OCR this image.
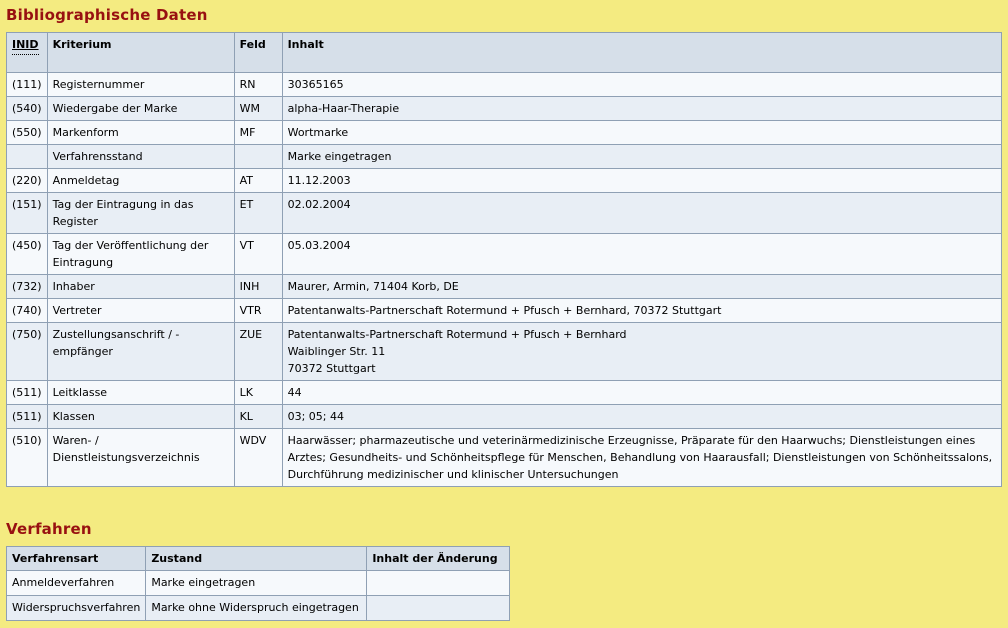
Bibliographische Daten
INID	Kriterium	Feld	Inhalt
(111)	Registernummer	RN	30365165
(540)	Wiedergabe der Marke	WM	alpha-Haar-Therapie
(550)	Markenform	MF	Wortmarke
	Verfahrensstand		Marke eingetragen
(220)	Anmeldetag	AT	11.12.2003
(151)	Tag der Eintragung in das Register	ET	02.02.2004
(450)	Tag der Veröffentlichung der Eintragung	VT	05.03.2004
(732)	Inhaber	INH	Maurer, Armin, 71404 Korb, DE
(740)	Vertreter	VTR	Patentanwalts-Partnerschaft Rotermund + Pfusch + Bernhard, 70372 Stuttgart
(750)	Zustellungsanschrift / -empfänger	ZUE	Patentanwalts-Partnerschaft Rotermund + Pfusch + Bernhard
Waiblinger Str. 11
70372 Stuttgart

(511)	Leitklasse	LK	44
(511)	Klassen	KL	03; 05; 44
(510)	Waren- / Dienstleistungsverzeichnis	WDV	Haarwässer; pharmazeutische und veterinärmedizinische Erzeugnisse, Präparate für den Haarwuchs; Dienstleistungen eines Arztes; Gesundheits- und Schönheitspflege für Menschen, Behandlung von Haarausfall; Dienstleistungen von Schönheitssalons, Durchführung medizinischer und klinischer Untersuchungen
Verfahren
Verfahrensart	Zustand	Inhalt der Änderung
Anmeldeverfahren	Marke eingetragen	
Widerspruchsverfahren	Marke ohne Widerspruch eingetragen	
